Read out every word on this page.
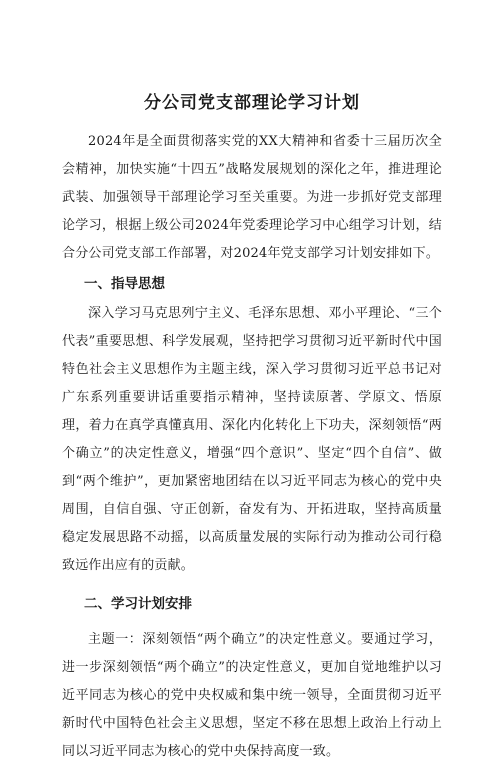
分公司党支部理论学习计划

2024年是全面贯彻落实党的XX大精神和省委十三届历次全会精神，加快实施“十四五”战略发展规划的深化之年，推进理论武装、加强领导干部理论学习至关重要。为进一步抓好党支部理论学习，根据上级公司2024年党委理论学习中心组学习计划，结合分公司党支部工作部署，对2024年党支部学习计划安排如下。

一、指导思想

深入学习马克思列宁主义、毛泽东思想、邓小平理论、“三个代表”重要思想、科学发展观，坚持把学习贯彻习近平新时代中国特色社会主义思想作为主题主线，深入学习贯彻习近平总书记对广东系列重要讲话重要指示精神，坚持读原著、学原文、悟原理，着力在真学真懂真用、深化内化转化上下功夫，深刻领悟“两个确立”的决定性意义，增强“四个意识”、坚定“四个自信”、做到“两个维护”，更加紧密地团结在以习近平同志为核心的党中央周围，自信自强、守正创新，奋发有为、开拓进取，坚持高质量稳定发展思路不动摇，以高质量发展的实际行动为推动公司行稳致远作出应有的贡献。

二、学习计划安排

主题一：深刻领悟“两个确立”的决定性意义。要通过学习，进一步深刻领悟“两个确立”的决定性意义，更加自觉地维护以习近平同志为核心的党中央权威和集中统一领导，全面贯彻习近平新时代中国特色社会主义思想，坚定不移在思想上政治上行动上同以习近平同志为核心的党中央保持高度一致。
